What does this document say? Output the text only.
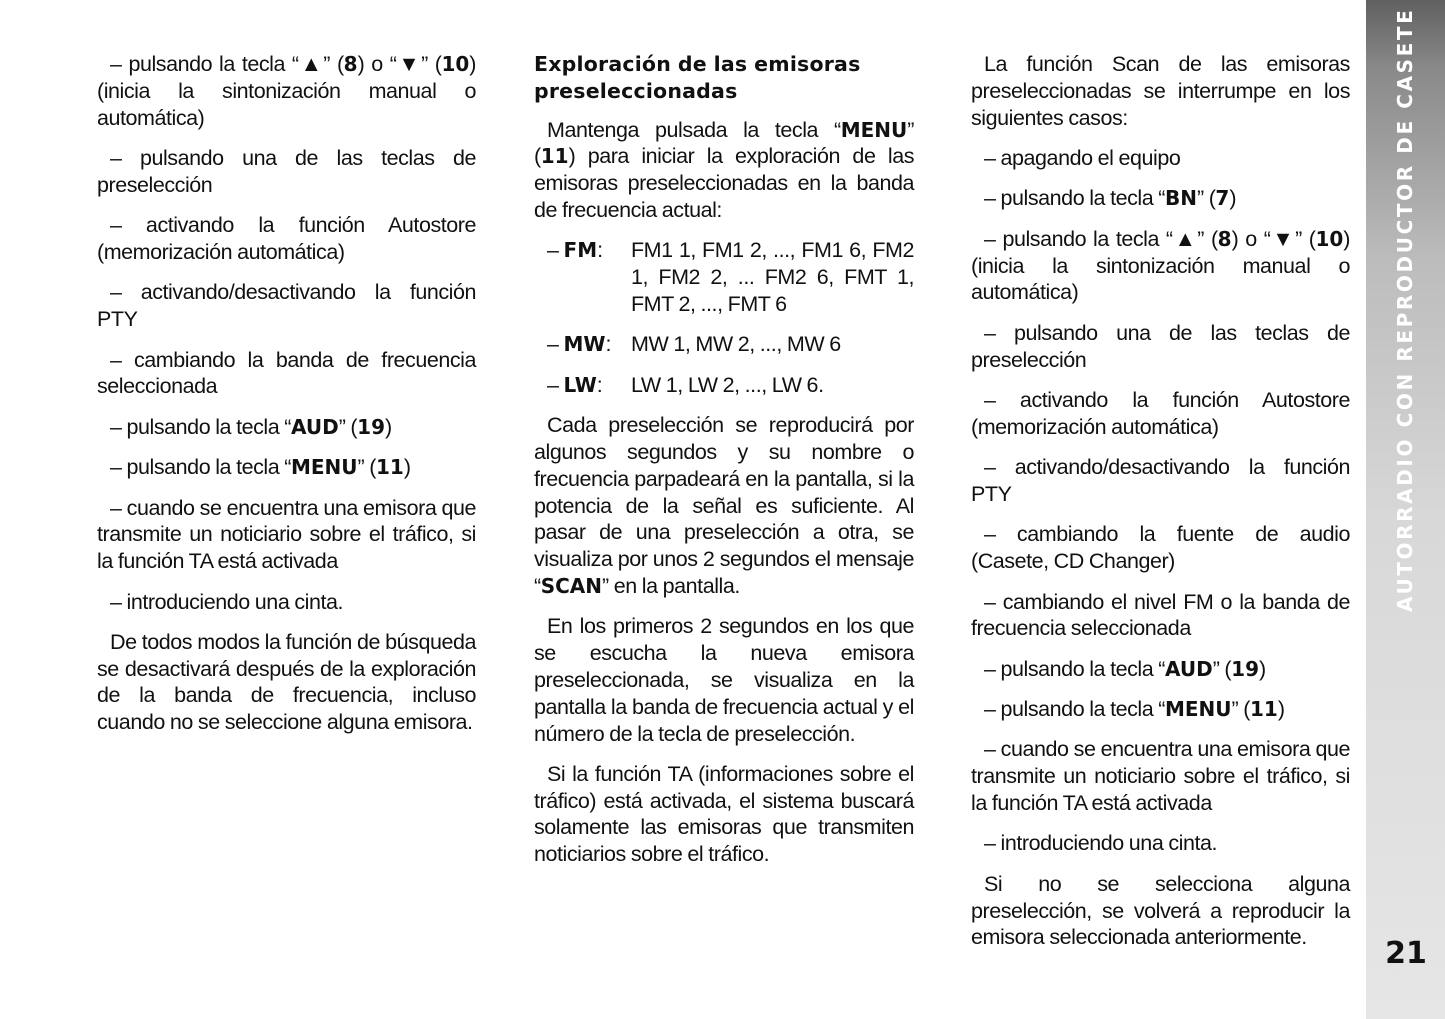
– pulsando la tecla “▲” (8) o “▼” (10) (inicia la sintonización manual o automática)

– pulsando una de las teclas de preselección

– activando la función Autostore (memorización automática)

– activando/desactivando la función PTY

– cambiando la banda de frecuencia seleccionada

– pulsando la tecla “AUD” (19)

– pulsando la tecla “MENU” (11)

– cuando se encuentra una emisora que transmite un noticiario sobre el tráfico, si la función TA está activada

– introduciendo una cinta.

De todos modos la función de búsqueda se desactivará después de la exploración de la banda de frecuencia, incluso cuando no se seleccione alguna emisora.

Exploración de las emisoras preseleccionadas

Mantenga pulsada la tecla “MENU” (11) para iniciar la exploración de las emisoras preseleccionadas en la banda de frecuencia actual:

– FM:	FM1 1, FM1 2, ..., FM1 6, FM2 1, FM2 2, ... FM2 6, FMT 1, FMT 2, ..., FMT 6
– MW: MW 1, MW 2, ..., MW 6
– LW:	LW 1, LW 2, ..., LW 6.

Cada preselección se reproducirá por algunos segundos y su nombre o frecuencia parpadeará en la pantalla, si la potencia de la señal es suficiente. Al pasar de una preselección a otra, se visualiza por unos 2 segundos el mensaje “SCAN” en la pantalla.

En los primeros 2 segundos en los que se escucha la nueva emisora preseleccionada, se visualiza en la pantalla la banda de frecuencia actual y el número de la tecla de preselección.

Si la función TA (informaciones sobre el tráfico) está activada, el sistema buscará solamente las emisoras que transmiten noticiarios sobre el tráfico.

La función Scan de las emisoras preseleccionadas se interrumpe en los siguientes casos:

– apagando el equipo

– pulsando la tecla “BN” (7)

– pulsando la tecla “▲” (8) o “▼” (10) (inicia la sintonización manual o automática)

– pulsando una de las teclas de preselección

– activando la función Autostore (memorización automática)

– activando/desactivando la función PTY

– cambiando la fuente de audio (Casete, CD Changer)

– cambiando el nivel FM o la banda de frecuencia seleccionada

– pulsando la tecla “AUD” (19)

– pulsando la tecla “MENU” (11)

– cuando se encuentra una emisora que transmite un noticiario sobre el tráfico, si la función TA está activada

– introduciendo una cinta.

Si no se selecciona alguna preselección, se volverá a reproducir la emisora seleccionada anteriormente.

AUTORRADIO CON REPRODUCTOR DE CASETE
21
